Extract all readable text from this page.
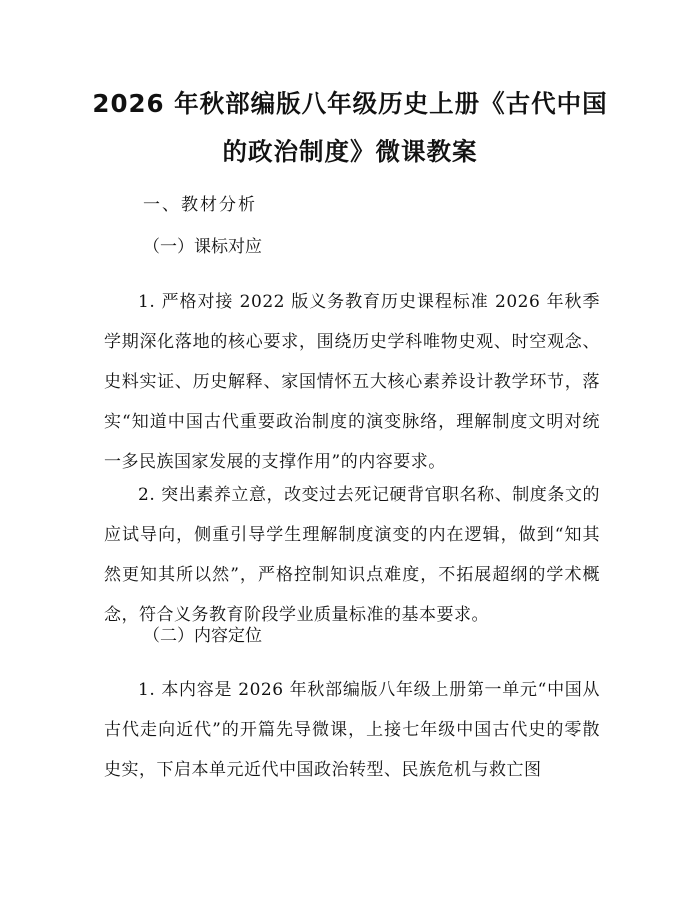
2026 年秋部编版八年级历史上册《古代中国
的政治制度》微课教案
一、教材分析
（一）课标对应
1. 严格对接 2022 版义务教育历史课程标准 2026 年秋季学期深化落地的核心要求，围绕历史学科唯物史观、时空观念、史料实证、历史解释、家国情怀五大核心素养设计教学环节，落实“知道中国古代重要政治制度的演变脉络，理解制度文明对统一多民族国家发展的支撑作用”的内容要求。
2. 突出素养立意，改变过去死记硬背官职名称、制度条文的应试导向，侧重引导学生理解制度演变的内在逻辑，做到“知其然更知其所以然”，严格控制知识点难度，不拓展超纲的学术概念，符合义务教育阶段学业质量标准的基本要求。
（二）内容定位
1. 本内容是 2026 年秋部编版八年级上册第一单元“中国从古代走向近代”的开篇先导微课，上接七年级中国古代史的零散史实，下启本单元近代中国政治转型、民族危机与救亡图
